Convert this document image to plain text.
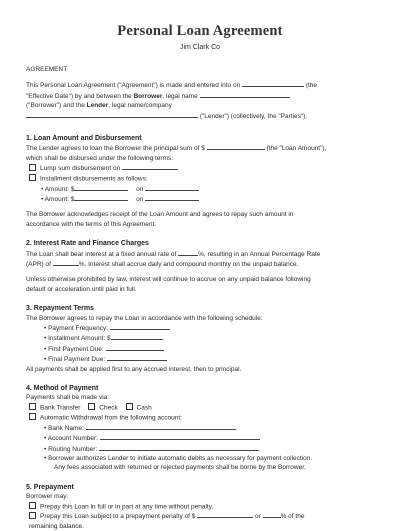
Personal Loan Agreement
Jim Clark Co

AGREEMENT

This Personal Loan Agreement ("Agreement") is made and entered into on	(the

"Effective Date") by and between the Borrower, legal name

("Borrower") and the Lender, legal name/company

("Lender") (collectively, the "Parties").

1. Loan Amount and Disbursement

The Lender agrees to loan the Borrower the principal sum of $	(the "Loan Amount"),

which shall be disbursed under the following terms:

Lump sum disbursement on

Installment disbursements as follows:

• Amount: $	on

• Amount: $	on

The Borrower acknowledges receipt of the Loan Amount and agrees to repay such amount in

accordance with the terms of this Agreement.

2. Interest Rate and Finance Charges

The Loan shall bear interest at a fixed annual rate of	%, resulting in an Annual Percentage Rate

(APR) of	%. Interest shall accrue daily and compound monthly on the unpaid balance.

Unless otherwise prohibited by law, interest will continue to accrue on any unpaid balance following

default or acceleration until paid in full.

3. Repayment Terms

The Borrower agrees to repay the Loan in accordance with the following schedule:

• Payment Frequency:

• Installment Amount: $

• First Payment Due:

• Final Payment Due:

All payments shall be applied first to any accrued interest, then to principal.

4. Method of Payment

Payments shall be made via:

Bank Transfer	Check	Cash

Automatic Withdrawal from the following account:

• Bank Name:

• Account Number:

• Routing Number:

• Borrower authorizes Lender to initiate automatic debits as necessary for payment collection.

Any fees associated with returned or rejected payments shall be borne by the Borrower.

5. Prepayment

Borrower may:

Prepay this Loan in full or in part at any time without penalty.

Prepay this Loan subject to a prepayment penalty of $	or	% of the

remaining balance.
